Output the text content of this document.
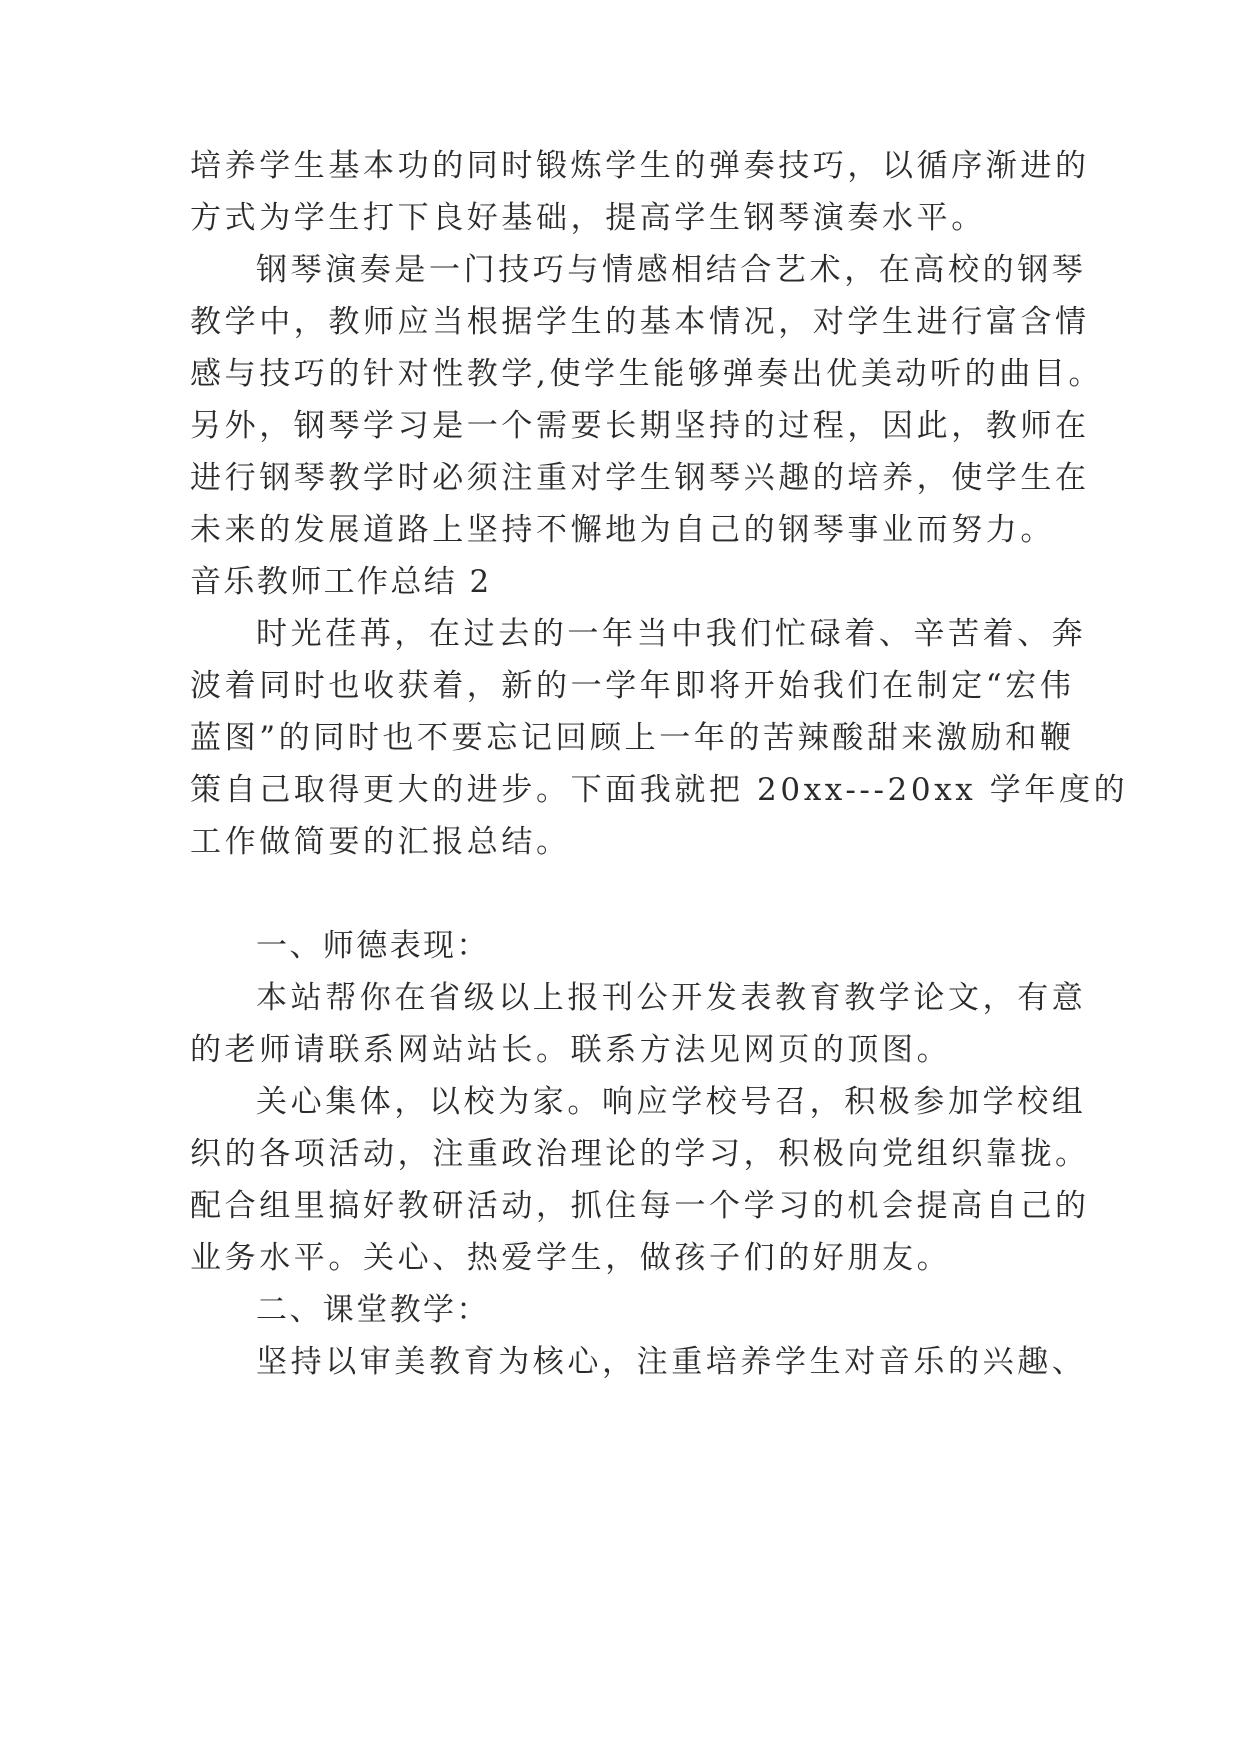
培养学生基本功的同时锻炼学生的弹奏技巧，以循序渐进的
方式为学生打下良好基础，提高学生钢琴演奏水平。
钢琴演奏是一门技巧与情感相结合艺术，在高校的钢琴
教学中，教师应当根据学生的基本情况，对学生进行富含情
感与技巧的针对性教学,使学生能够弹奏出优美动听的曲目。
另外，钢琴学习是一个需要长期坚持的过程，因此，教师在
进行钢琴教学时必须注重对学生钢琴兴趣的培养，使学生在
未来的发展道路上坚持不懈地为自己的钢琴事业而努力。
音乐教师工作总结 2
时光荏苒，在过去的一年当中我们忙碌着、辛苦着、奔
波着同时也收获着，新的一学年即将开始我们在制定“宏伟
蓝图”的同时也不要忘记回顾上一年的苦辣酸甜来激励和鞭
策自己取得更大的进步。下面我就把 20xx---20xx 学年度的
工作做简要的汇报总结。
一、师德表现：
本站帮你在省级以上报刊公开发表教育教学论文，有意
的老师请联系网站站长。联系方法见网页的顶图。
关心集体，以校为家。响应学校号召，积极参加学校组
织的各项活动，注重政治理论的学习，积极向党组织靠拢。
配合组里搞好教研活动，抓住每一个学习的机会提高自己的
业务水平。关心、热爱学生，做孩子们的好朋友。
二、课堂教学：
坚持以审美教育为核心，注重培养学生对音乐的兴趣、
